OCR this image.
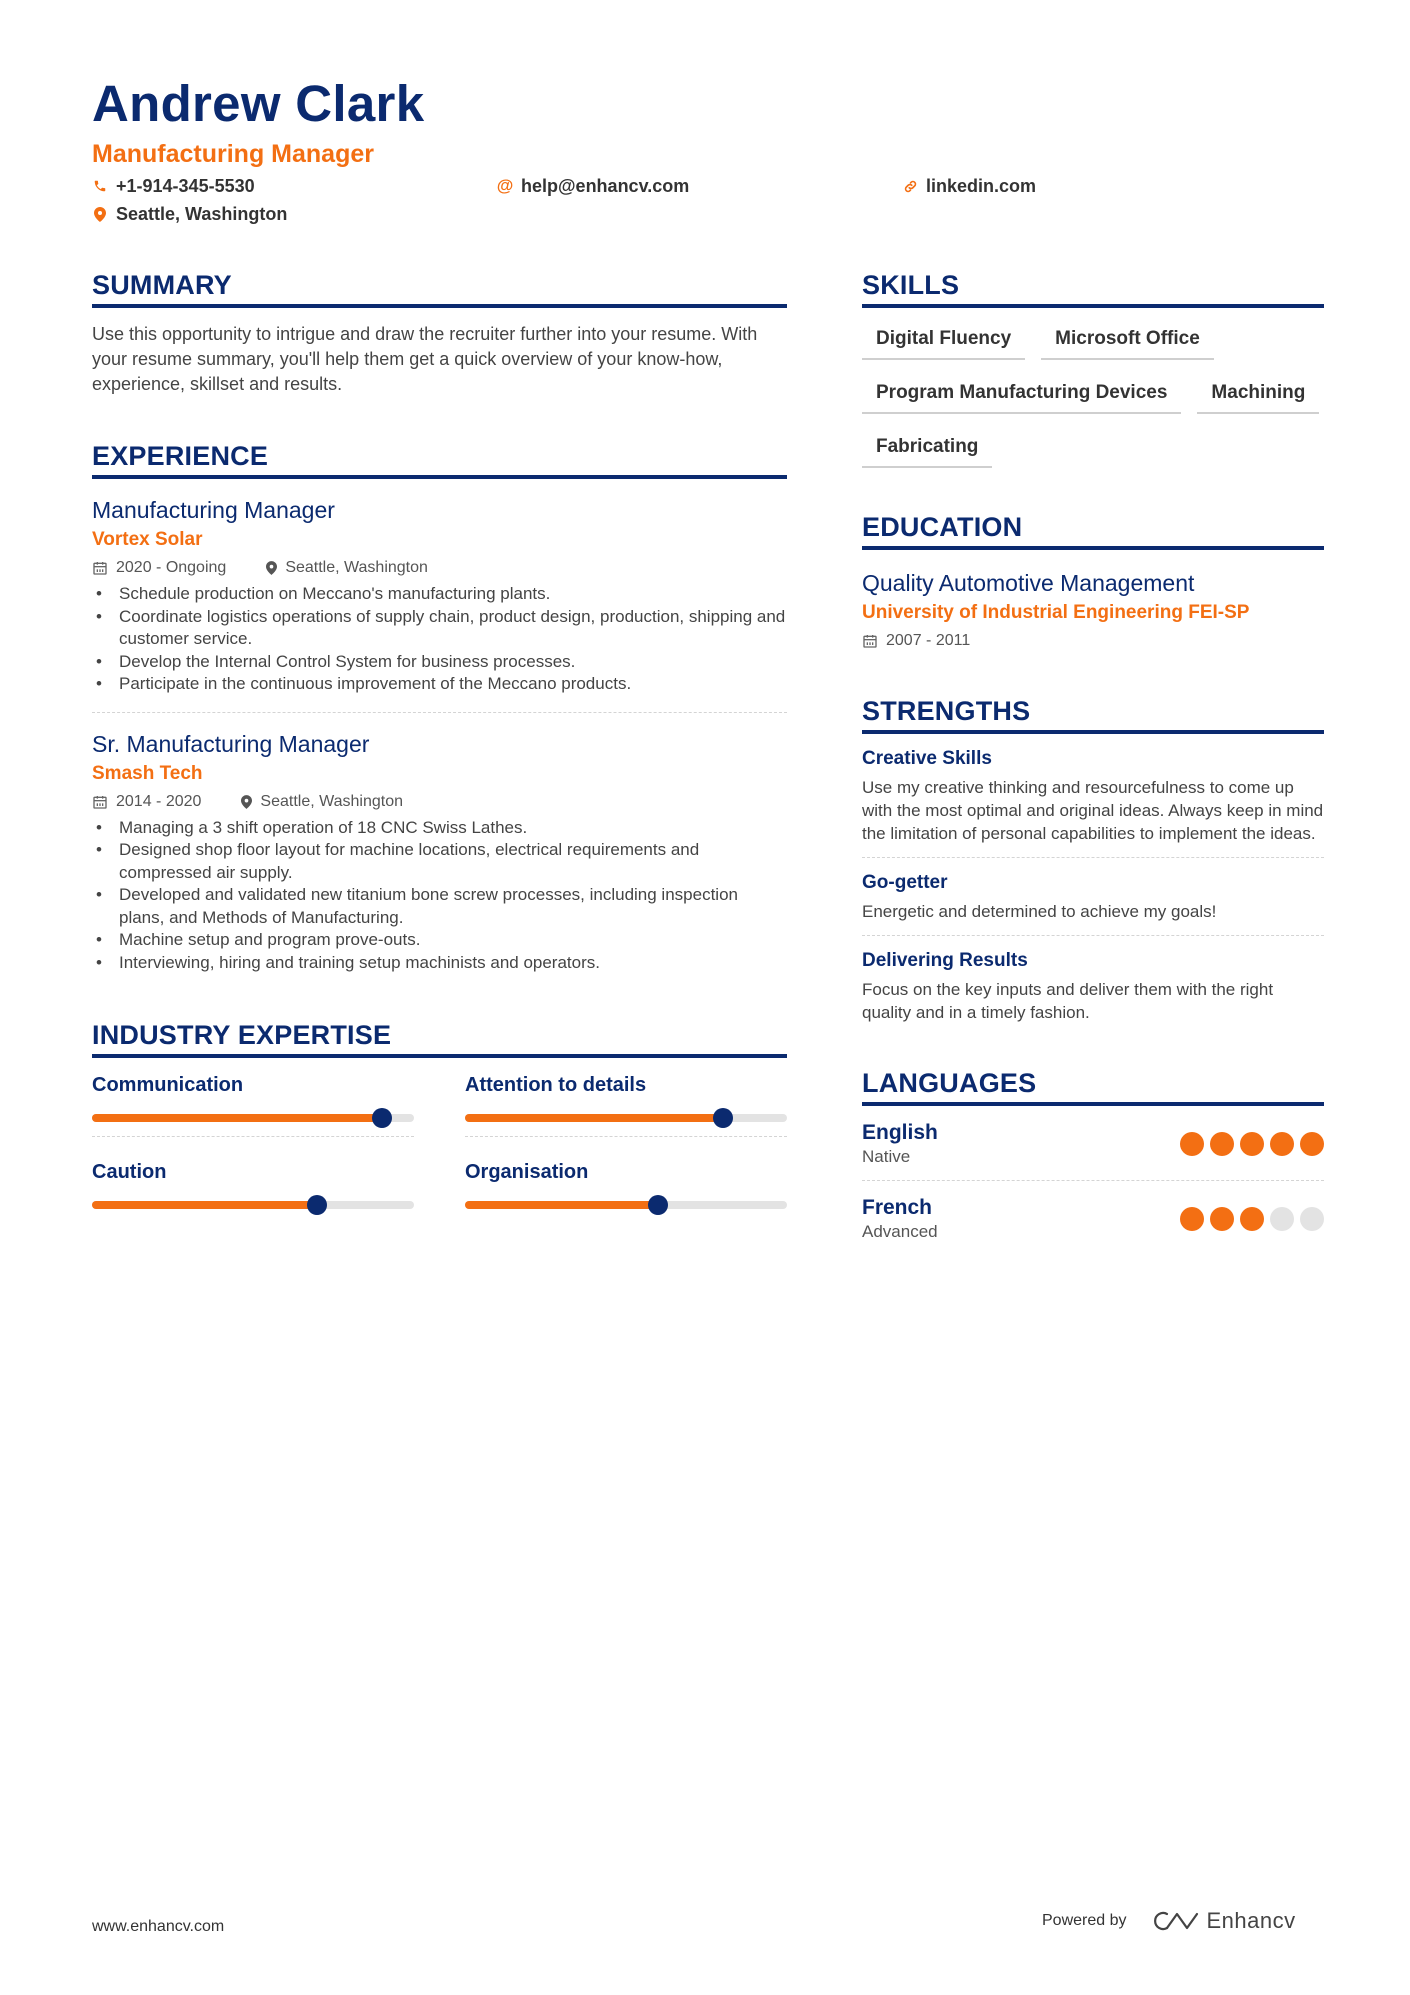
Andrew Clark
Manufacturing Manager
+1-914-345-5530	@ help@enhancv.com	linkedin.com
Seattle, Washington
SUMMARY

Use this opportunity to intrigue and draw the recruiter further into your resume. With your resume summary, you'll help them get a quick overview of your know-how, experience, skillset and results.

EXPERIENCE
Manufacturing Manager
Vortex Solar
2020 - Ongoing	Seattle, Washington
• Schedule production on Meccano's manufacturing plants.
• Coordinate logistics operations of supply chain, product design, production, shipping and customer service.
• Develop the Internal Control System for business processes.
• Participate in the continuous improvement of the Meccano products.
Sr. Manufacturing Manager
Smash Tech
2014 - 2020	Seattle, Washington
• Managing a 3 shift operation of 18 CNC Swiss Lathes.
• Designed shop floor layout for machine locations, electrical requirements and compressed air supply.
• Developed and validated new titanium bone screw processes, including inspection plans, and Methods of Manufacturing.
• Machine setup and program prove-outs.
• Interviewing, hiring and training setup machinists and operators.
INDUSTRY EXPERTISE
Communication	Attention to details
Caution	Organisation
SKILLS
Digital Fluency	Microsoft Office
Program Manufacturing Devices	Machining
Fabricating
EDUCATION
Quality Automotive Management
University of Industrial Engineering FEI-SP
2007 - 2011
STRENGTHS
Creative Skills
Use my creative thinking and resourcefulness to come up with the most optimal and original ideas. Always keep in mind the limitation of personal capabilities to implement the ideas.
Go-getter
Energetic and determined to achieve my goals!
Delivering Results
Focus on the key inputs and deliver them with the right quality and in a timely fashion.
LANGUAGES
English
Native
French
Advanced
www.enhancv.com	Powered by	Enhancv
